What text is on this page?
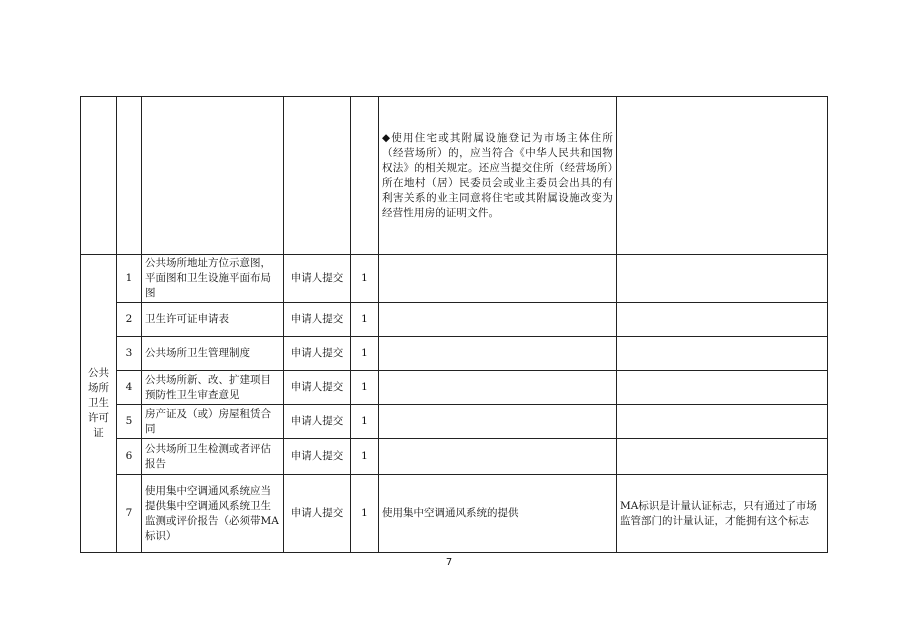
					◆使用住宅或其附属设施登记为市场主体住所（经营场所）的，应当符合《中华人民共和国物权法》的相关规定。还应当提交住所（经营场所）所在地村（居）民委员会或业主委员会出具的有利害关系的业主同意将住宅或其附属设施改变为经营性用房的证明文件。	
公共场所卫生许可证	1	公共场所地址方位示意图，平面图和卫生设施平面布局图	申请人提交	1		
	2	卫生许可证申请表	申请人提交	1		
	3	公共场所卫生管理制度	申请人提交	1		
	4	公共场所新、改、扩建项目预防性卫生审查意见	申请人提交	1		
	5	房产证及（或）房屋租赁合同	申请人提交	1		
	6	公共场所卫生检测或者评估报告	申请人提交	1		
	7	使用集中空调通风系统应当提供集中空调通风系统卫生监测或评价报告（必须带MA标识）	申请人提交	1	使用集中空调通风系统的提供	MA标识是计量认证标志，只有通过了市场监管部门的计量认证，才能拥有这个标志
7
